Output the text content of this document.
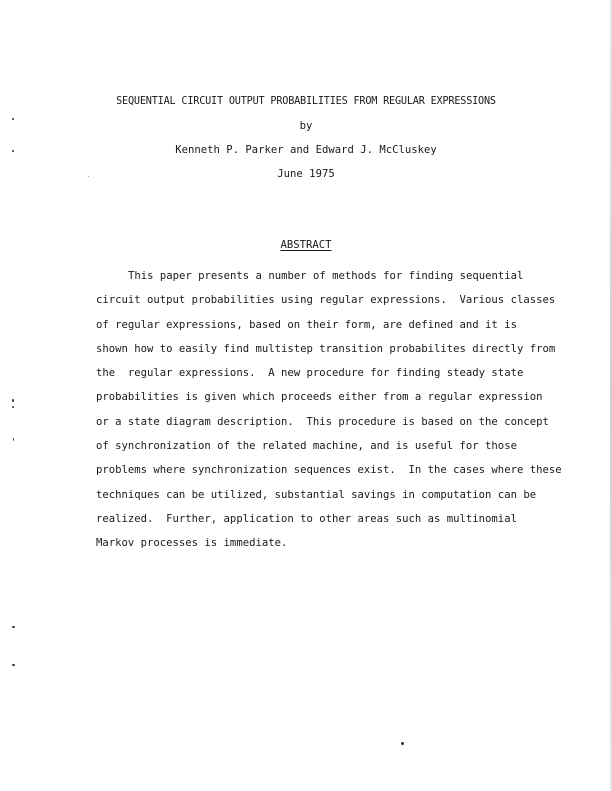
SEQUENTIAL CIRCUIT OUTPUT PROBABILITIES FROM REGULAR EXPRESSIONS
by
Kenneth P. Parker and Edward J. McCluskey
June 1975
ABSTRACT
This paper presents a number of methods for finding sequential
circuit output probabilities using regular expressions.  Various classes
of regular expressions, based on their form, are defined and it is
shown how to easily find multistep transition probabilites directly from
the  regular expressions.  A new procedure for finding steady state
probabilities is given which proceeds either from a regular expression
or a state diagram description.  This procedure is based on the concept
of synchronization of the related machine, and is useful for those
problems where synchronization sequences exist.  In the cases where these
techniques can be utilized, substantial savings in computation can be
realized.  Further, application to other areas such as multinomial
Markov processes is immediate.
